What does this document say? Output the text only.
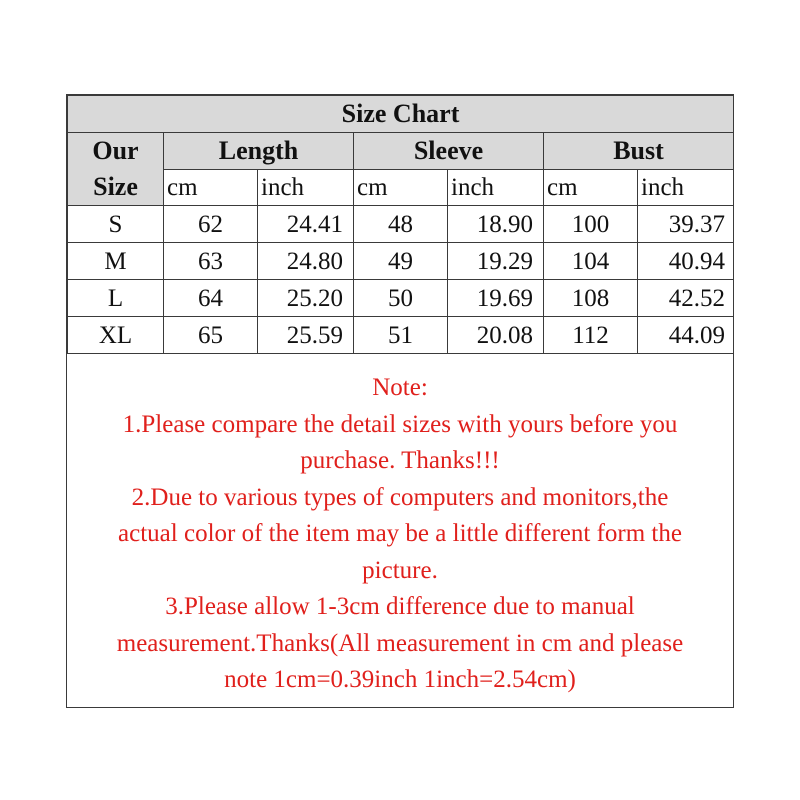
Size Chart						

Our
Size	Length		Sleeve		Bust	
	cm	inch	cm	inch	cm	inch
S	62	24.41	48	18.90	100	39.37
M	63	24.80	49	19.29	104	40.94
L	64	25.20	50	19.69	108	42.52
XL	65	25.59	51	20.08	112	44.09
Note:
1.Please compare the detail sizes with yours before you
purchase. Thanks!!!
2.Due to various types of computers and monitors,the
actual color of the item may be a little different form the
picture.
3.Please allow 1-3cm difference due to manual
measurement.Thanks(All measurement in cm and please
note 1cm=0.39inch 1inch=2.54cm)
